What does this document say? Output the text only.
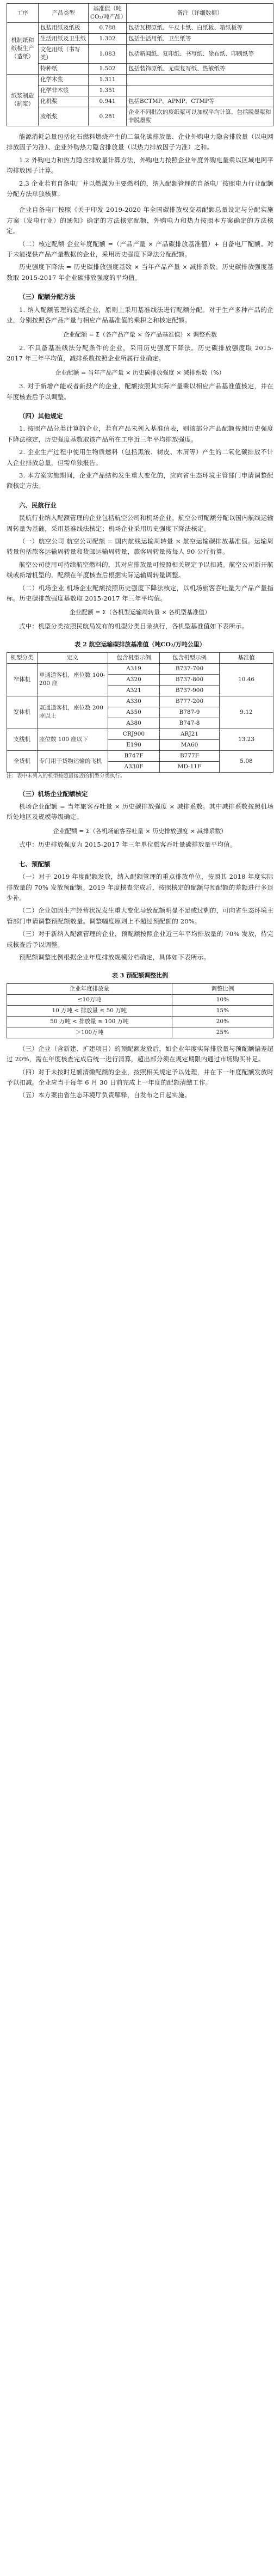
工序	产品类型	基准值（吨CO₂/吨产品）	备注（详细数据）
机制纸和纸板生产（造纸）	包装用纸及纸板	0.788	包括瓦楞原纸、牛皮卡纸、白纸板、箱纸板等
	生活用纸及卫生纸	1.302	包括生活用纸、卫生纸等
	文化用纸（书写类）	1.083	包括新闻纸、复印纸、书写纸、涂布纸、印刷纸等
	特种纸	1.502	包括装饰原纸、无碳复写纸、热敏纸等
纸浆制造（制浆）	化学木浆	1.311	
	化学非木浆	1.351	
	化机浆	0.941	包括BCTMP、APMP、CTMP等
	废纸浆	0.281	企业不同批次的废纸浆可以加权平均计算，包括脱墨浆和非脱墨浆

能源消耗总量包括化石燃料燃烧产生的二氧化碳排放量、企业外购电力隐含排放量（以电网排放因子为准）、企业外购热力隐含排放量（以热力排放因子为准）之和。

1.2 外购电力和热力隐含排放量计算方法，外购电力按照企业年度外购电量乘以区域电网平均排放因子计算。

2.3 企业若有自备电厂并以燃煤为主要燃料的，纳入配额管理的自备电厂按照电力行业配额分配方法单独核算。

企业自备电厂按照《关于印发 2019-2020 年全国碳排放权交易配额总量设定与分配实施方案（发电行业）的通知》确定的方法核定配额，外购电力和热力按照本方案确定的方法核定。

（二）核定配额 企业年度配额 =（产品产量 × 产品碳排放基准值）+ 自备电厂配额。对于未能提供产品产量数据的企业，采用历史强度下降法分配配额。

历史强度下降法 = 历史碳排放强度基数 × 当年产品产量 × 减排系数。历史碳排放强度基数取 2015-2017 年企业碳排放强度的平均值。

（三）配额分配方法

1. 纳入配额管理的造纸企业，原则上采用基准线法进行配额分配。对于生产多种产品的企业，分别按照各产品产量与相应产品基准值的乘积之和核定配额。

企业配额 = Σ（各产品产量 × 各产品基准值）× 调整系数

2. 不具备基准线法分配条件的企业，采用历史强度下降法。历史碳排放强度取 2015-2017 年三年平均值，减排系数按照企业所属行业确定。

企业配额 = 当年产品产量 × 历史碳排放强度 × 减排系数（%）

3. 对于新增产能或者新投产的企业，配额按照其实际产量乘以相应产品基准值核定，并在年度核查后予以调整。

（四）其他规定

1. 按照产品分类计算的企业，若有产品未列入基准值表，则该部分产品配额按照历史强度下降法核定，历史强度基数取该产品所在工序近三年平均排放强度。

2. 企业生产过程中使用生物质燃料（包括黑液、树皮、木屑等）产生的二氧化碳排放不计入企业排放总量，但需单独报告。

3. 本方案实施期间，企业产品结构发生重大变化的，应向省生态环境主管部门申请调整配额核定方法。

六、民航行业

民航行业纳入配额管理的企业包括航空公司和机场企业。航空公司配额分配以国内航线运输周转量为基础，采用基准线法核定；机场企业采用历史强度下降法核定。

（一）航空公司 航空公司配额 = 国内航线运输周转量 × 航空运输碳排放基准值。运输周转量包括旅客运输周转量和货邮运输周转量，旅客周转量按每人 90 公斤折算。

航空公司使用可持续航空燃料的，其对应排放量可按照相关规定予以扣减。航空公司新开航线或新增机型的，配额在年度核查后根据实际运输周转量调整。

（二）机场企业 机场企业配额按照历史强度下降法核定，以机场旅客吞吐量为产品产量指标。历史碳排放强度基数取 2015-2017 年三年平均值。

企业配额 = Σ（各机型运输周转量 × 各机型基准值）

式中：机型分类按照民航局发布的机型分类目录执行，各机型基准值如下表所示。

表 2 航空运输碳排放基准值（吨CO₂/万吨公里）

机型分类	定义	包含机型示例	包含机型示例	基准值
窄体机	单通道客机，座位数 100-200 座	A319	B737-700	10.46
		A320	B737-800	
		A321	B737-900	
宽体机	双通道客机，座位数 200 座以上	A330	B777-200	9.12
		A350	B787-9	
		A380	B747-8	
支线机	座位数 100 座以下	CRJ900	ARJ21	13.23
		E190	MA60	
全货机	专门用于货物运输的飞机	B747F	B777F	5.08
		A330F	MD-11F	

注：表中未列入的机型按照最接近的机型分类执行。

（三）机场企业配额核定

机场企业配额 = 当年旅客吞吐量 × 历史碳排放强度 × 减排系数。其中减排系数按照机场所处地区及规模等级确定。

企业配额 = Σ（各机场旅客吞吐量 × 历史排放强度 × 减排系数）

式中：历史排放强度为 2015-2017 年三年单位旅客吞吐量碳排放量平均值。

七、预配额

（一）对于 2019 年度配额发放，纳入配额管理的重点排放单位，按照其 2018 年度实际排放量的 70% 发放预配额。2019 年度核查完成后，按照核定的配额与预配额的差额进行多退少补。

（二）企业如因生产经营状况发生重大变化导致配额明显不足或过剩的，可向省生态环境主管部门申请调整预配额数量。调整幅度原则上不超过预配额的 20%。

（三）对于新纳入配额管理的企业，预配额按照企业近三年平均排放量的 70% 发放，待完成核查后予以调整。

预配额调整比例根据企业年度排放规模分档确定，具体如下表所示。

表 3 预配额调整比例

企业年度排放量	调整比例
≤10万吨	10%
10 万吨 < 排放量 ≤ 50 万吨	15%
50 万吨 < 排放量 ≤ 100 万吨	20%
＞100万吨	25%

（三）企业（含新建、扩建项目）的预配额发放后，如企业年度实际排放量与预配额偏差超过 20%，需在年度核查完成后统一进行清算，超出部分须在规定期限内通过市场购买补足。

（四）对于未按时足额清缴配额的企业，按照相关规定予以处理，并在下一年度配额发放时予以扣减。企业应当于每年 6 月 30 日前完成上一年度的配额清缴工作。

（五）本方案由省生态环境厅负责解释，自发布之日起实施。
